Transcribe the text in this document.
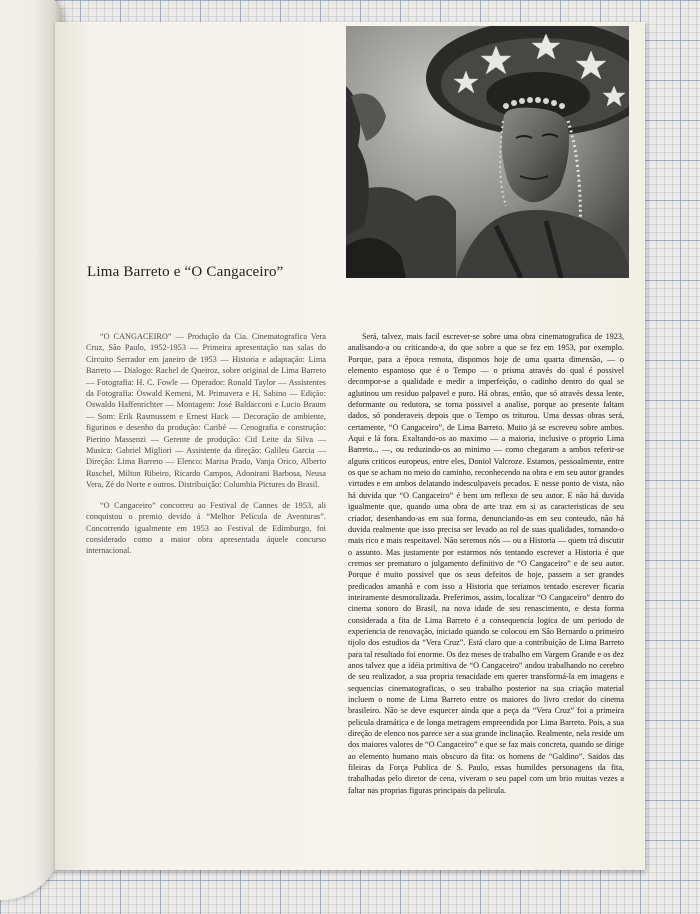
Lima Barreto e “O Cangaceiro”

“O CANGACEIRO” — Produção da Cia. Cinematografica Vera Cruz, São Paulo, 1952-1953 — Primeira apresentação nas salas do Circuito Serrador em janeiro de 1953 — Historia e adaptação: Lima Barreto — Dialogo: Rachel de Queiroz, sobre original de Lima Barreto — Fotografia: H. C. Fowle — Operador: Ronald Taylor — Assistentes da Fotografia: Oswald Kemeni, M. Primavera e H. Sabino — Edição: Oswaldo Haffenrichter — Montagem: José Baldacconi e Lucio Braum — Som: Erik Rasmussem e Ernest Hack — Decoração de ambiente, figurinos e desenho da produção: Caribé — Cenografia e construção: Pierino Massenzi — Gerente de produção: Cid Leite da Silva — Musica: Gabriel Migliori — Assistente da direção: Galileu Garcia — Direção: Lima Barreto — Elenco: Marisa Prado, Vanja Orico, Alberto Ruschel, Milton Ribeiro, Ricardo Campos, Adonirani Barbosa, Neusa Vera, Zé do Norte e outros. Distribuição: Columbia Pictures do Brasil.

“O Cangaceiro” concorreu ao Festival de Cannes de 1953, ali conquistou o premio devido á “Melhor Película de Aventuras”. Concorrendo igualmente em 1953 ao Festival de Edimburgo, foi considerado como a maior obra apresentada áquele concurso internacional.

Será, talvez, mais facil escrever-se sobre uma obra cinematografica de 1923, analisando-a ou criticando-a, do que sobre a que se fez em 1953, por exemplo. Porque, para a época remota, dispomos hoje de uma quarta dimensão, — o elemento espantoso que é o Tempo — o prisma através do qual é possivel decompor-se a qualidade e medir a imperfeição, o cadinho dentro do qual se aglutinou um residuo palpavel e puro. Há obras, então, que só através dessa lente, deformante ou redutora, se torna possivel a analise, porque ao presente faltam dados, só ponderaveis depois que o Tempo os triturou. Uma dessas obras será, certamente, “O Cangaceiro”, de Lima Barreto. Muito já se escreveu sobre ambos. Aqui e lá fora. Exaltando-os ao maximo — a maioria, inclusive o proprio Lima Barreto... —, ou reduzindo-os ao minimo — como chegaram a ambos referir-se alguns criticos europeus, entre eles, Doniol Valcroze. Estamos, pessoalmente, entre os que se acham no meio do caminho, reconhecendo na obra e em seu autor grandes virtudes e em ambos delatando indesculpaveis pecados. E nesse ponto de vista, não há duvida que “O Cangaceiro” é bem um reflexo de seu autor. E não há duvida igualmente que, quando uma obra de arte traz em si as caracteristicas de seu criador, desenhando-as em sua forma, denunciando-as em seu conteudo, não há duvida realmente que isso precisa ser levado ao rol de suas qualidades, tornando-o mais rico e mais respeitavel. Não seremos nós — ou a Historia — quem trá discutir o assunto. Mas justamente por estarmos nós tentando escrever a Historia é que cremos ser prematuro o julgamento definitivo de “O Cangaceiro” e de seu autor. Porque é muito possivel que os seus defeitos de hoje, passem a ser grandes predicados amanhã e com isso a Historia que teriamos tentado escrever ficaria inteiramente desmoralizada. Preferimos, assim, localizar “O Cangaceiro” dentro do cinema sonoro do Brasil, na nova idade de seu renascimento, e desta forma considerada a fita de Lima Barreto é a consequencia logica de um periodo de experiencia de renovação, iniciado quando se colocou em São Bernardo o primeiro tijolo dos estudios da “Vera Cruz”. Está claro que a contribuição de Lima Barreto para tal resultado foi enorme. Os dez meses de trabalho em Vargem Grande e os dez anos talvez que a idéia primitiva de “O Cangaceiro” andou trabalhando no cerebro de seu realizador, a sua propria tenacidade em querer transformá-la em imagens e sequencias cinematograficas, o seu trabalho posterior na sua criação material incluem o nome de Lima Barreto entre os maiores do livro credor do cinema brasileiro. Não se deve esquecer ainda que a peça da “Vera Cruz” foi a primeira pelicula dramática e de longa metragem empreendida por Lima Barreto. Pois, a sua direção de elenco nos parece ser a sua grande inclinação. Realmente, nela reside um dos maiores valores de “O Cangaceiro” e que se faz mais concreta, quando se dirige ao elemento humano mais obscuro da fita: os homens de “Galdino”. Saidos das fileiras da Força Publica de S. Paulo, essas humildes personagens da fita, trabalhadas pelo diretor de cena, viveram o seu papel com um brio muitas vezes a faltar nas proprias figuras principais da pelicula.
